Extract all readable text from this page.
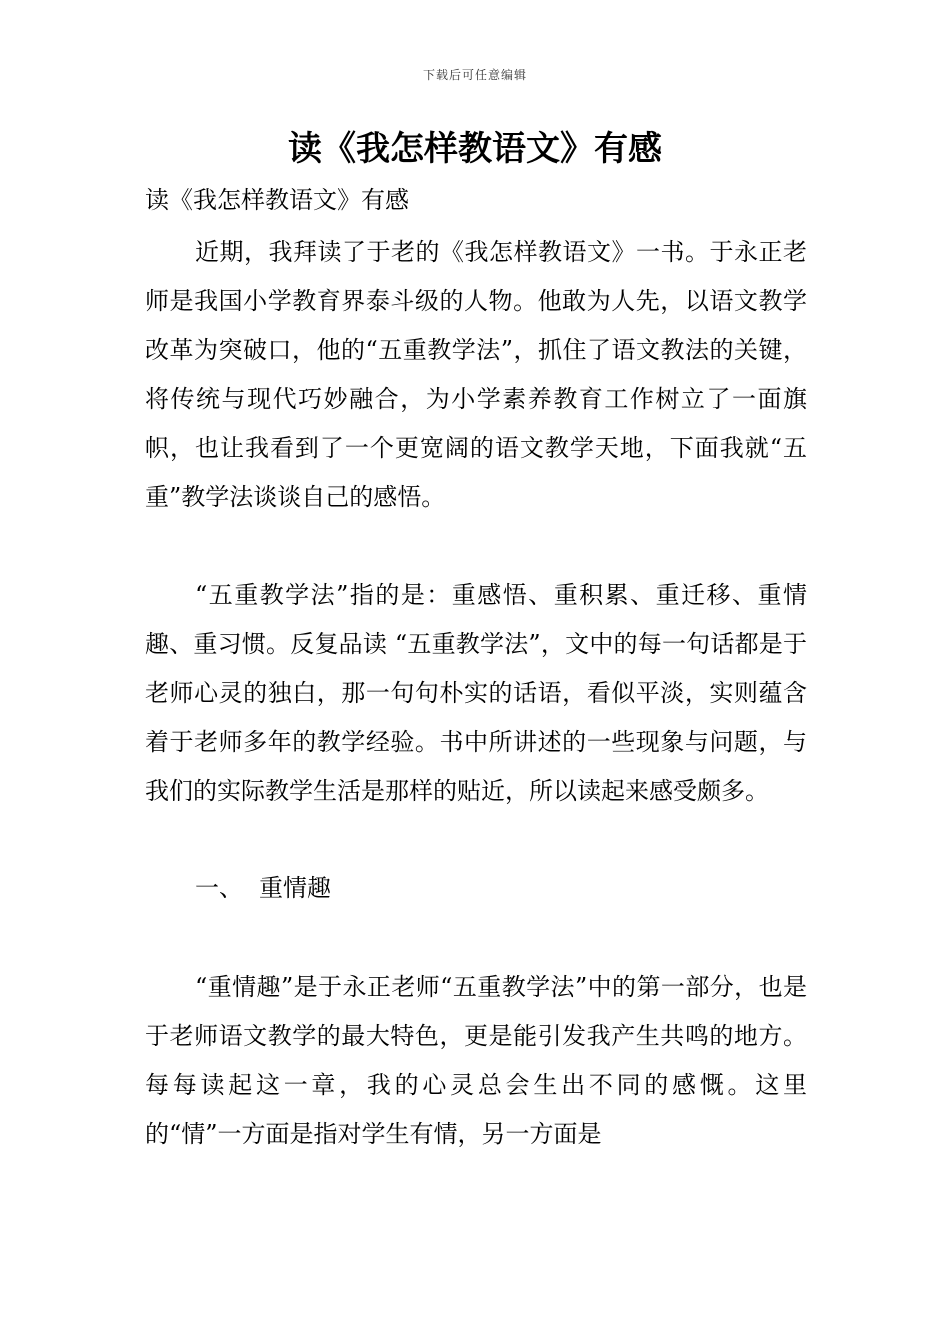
下载后可任意编辑
读《我怎样教语文》有感

读《我怎样教语文》有感

近期，我拜读了于老的《我怎样教语文》一书。于永正老师是我国小学教育界泰斗级的人物。他敢为人先，以语文教学改革为突破口，他的“五重教学法”，抓住了语文教法的关键，将传统与现代巧妙融合，为小学素养教育工作树立了一面旗帜，也让我看到了一个更宽阔的语文教学天地，下面我就“五重”教学法谈谈自己的感悟。

“五重教学法”指的是：重感悟、重积累、重迁移、重情趣、重习惯。反复品读 “五重教学法”，文中的每一句话都是于老师心灵的独白，那一句句朴实的话语，看似平淡，实则蕴含着于老师多年的教学经验。书中所讲述的一些现象与问题，与我们的实际教学生活是那样的贴近，所以读起来感受颇多。

一、 重情趣

“重情趣”是于永正老师“五重教学法”中的第一部分，也是于老师语文教学的最大特色，更是能引发我产生共鸣的地方。每每读起这一章，我的心灵总会生出不同的感慨。这里的“情”一方面是指对学生有情，另一方面是
